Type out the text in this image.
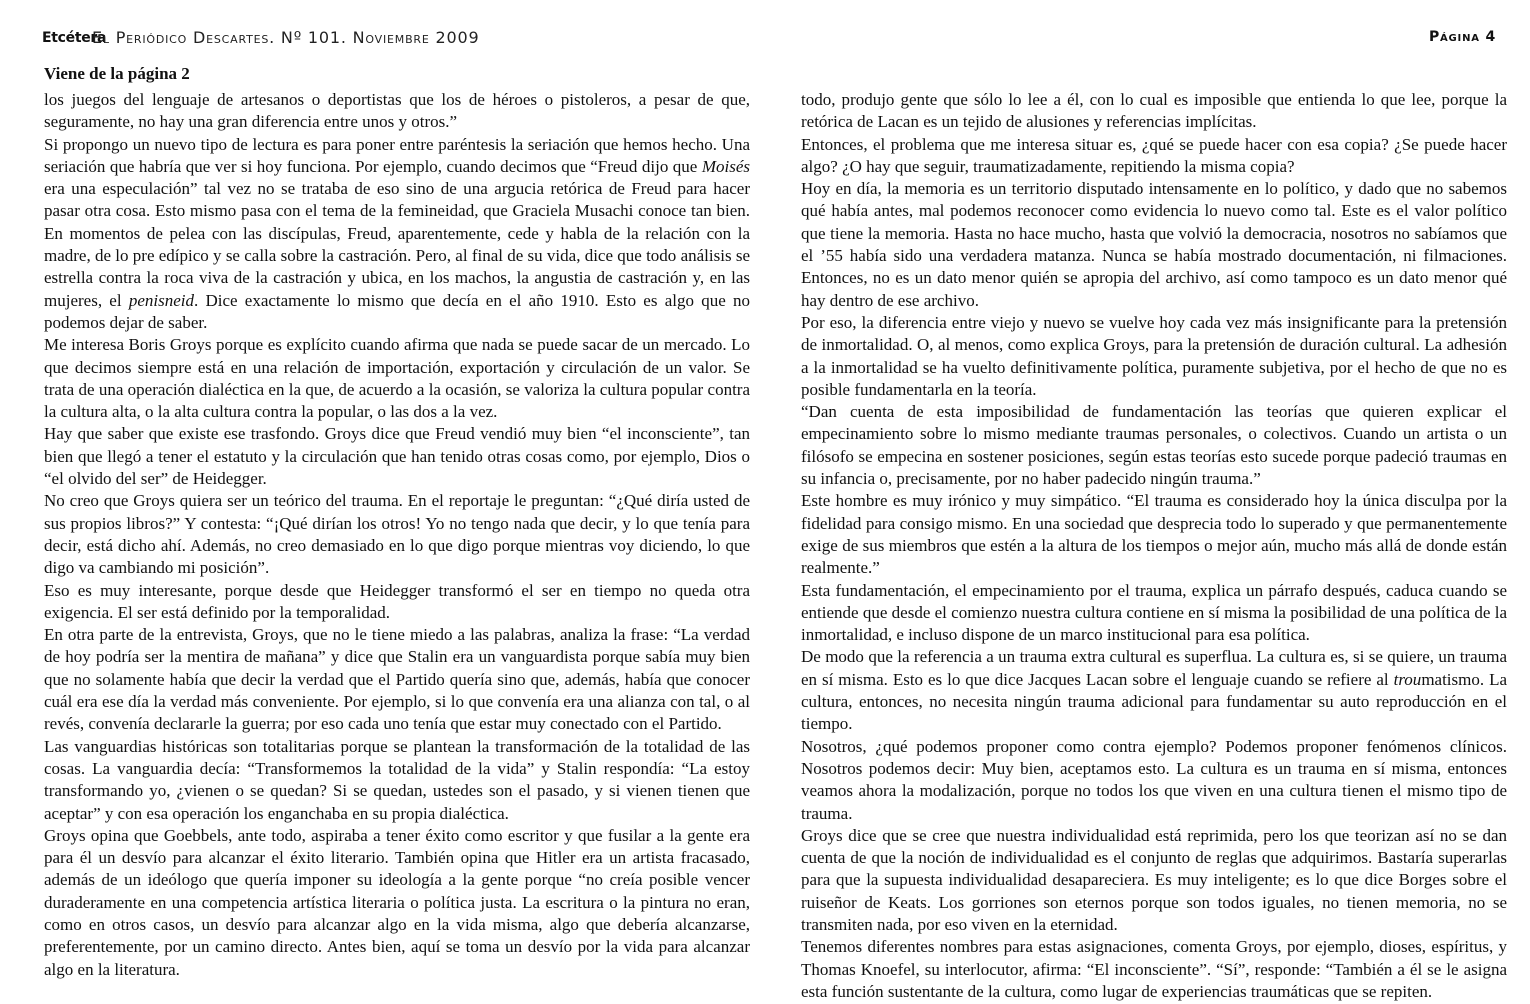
Etcétera
El Periódico Descartes. Nº 101. Noviembre 2009	Página 4
Viene de la página 2

los juegos del lenguaje de artesanos o deportistas que los de héroes o pistoleros, a pesar de que, seguramente, no hay una gran diferencia entre unos y otros.”

Si propongo un nuevo tipo de lectura es para poner entre paréntesis la seriación que hemos hecho. Una seriación que habría que ver si hoy funciona. Por ejemplo, cuando decimos que “Freud dijo que Moisés era una especulación” tal vez no se trataba de eso sino de una argucia retórica de Freud para hacer pasar otra cosa. Esto mismo pasa con el tema de la femineidad, que Graciela Musachi conoce tan bien. En momentos de pelea con las discípulas, Freud, aparentemente, cede y habla de la relación con la madre, de lo pre edípico y se calla sobre la castración. Pero, al final de su vida, dice que todo análisis se estrella contra la roca viva de la castración y ubica, en los machos, la angustia de castración y, en las mujeres, el penisneid. Dice exactamente lo mismo que decía en el año 1910. Esto es algo que no podemos dejar de saber.

Me interesa Boris Groys porque es explícito cuando afirma que nada se puede sacar de un mercado. Lo que decimos siempre está en una relación de importación, exportación y circulación de un valor. Se trata de una operación dialéctica en la que, de acuerdo a la ocasión, se valoriza la cultura popular contra la cultura alta, o la alta cultura contra la popular, o las dos a la vez.

Hay que saber que existe ese trasfondo. Groys dice que Freud vendió muy bien “el inconsciente”, tan bien que llegó a tener el estatuto y la circulación que han tenido otras cosas como, por ejemplo, Dios o “el olvido del ser” de Heidegger.

No creo que Groys quiera ser un teórico del trauma. En el reportaje le preguntan: “¿Qué diría usted de sus propios libros?” Y contesta: “¡Qué dirían los otros! Yo no tengo nada que decir, y lo que tenía para decir, está dicho ahí. Además, no creo demasiado en lo que digo porque mientras voy diciendo, lo que digo va cambiando mi posición”.

Eso es muy interesante, porque desde que Heidegger transformó el ser en tiempo no queda otra exigencia. El ser está definido por la temporalidad.

En otra parte de la entrevista, Groys, que no le tiene miedo a las palabras, analiza la frase: “La verdad de hoy podría ser la mentira de mañana” y dice que Stalin era un vanguardista porque sabía muy bien que no solamente había que decir la verdad que el Partido quería sino que, además, había que conocer cuál era ese día la verdad más conveniente. Por ejemplo, si lo que convenía era una alianza con tal, o al revés, convenía declararle la guerra; por eso cada uno tenía que estar muy conectado con el Partido.

Las vanguardias históricas son totalitarias porque se plantean la transformación de la totalidad de las cosas. La vanguardia decía: “Transformemos la totalidad de la vida” y Stalin respondía: “La estoy transformando yo, ¿vienen o se quedan? Si se quedan, ustedes son el pasado, y si vienen tienen que aceptar” y con esa operación los enganchaba en su propia dialéctica.

Groys opina que Goebbels, ante todo, aspiraba a tener éxito como escritor y que fusilar a la gente era para él un desvío para alcanzar el éxito literario. También opina que Hitler era un artista fracasado, además de un ideólogo que quería imponer su ideología a la gente porque “no creía posible vencer duraderamente en una competencia artística literaria o política justa. La escritura o la pintura no eran, como en otros casos, un desvío para alcanzar algo en la vida misma, algo que debería alcanzarse, preferentemente, por un camino directo. Antes bien, aquí se toma un desvío por la vida para alcanzar algo en la literatura.

todo, produjo gente que sólo lo lee a él, con lo cual es imposible que entienda lo que lee, porque la retórica de Lacan es un tejido de alusiones y referencias implícitas.

Entonces, el problema que me interesa situar es, ¿qué se puede hacer con esa copia? ¿Se puede hacer algo? ¿O hay que seguir, traumatizadamente, repitiendo la misma copia?

Hoy en día, la memoria es un territorio disputado intensamente en lo político, y dado que no sabemos qué había antes, mal podemos reconocer como evidencia lo nuevo como tal. Este es el valor político que tiene la memoria. Hasta no hace mucho, hasta que volvió la democracia, nosotros no sabíamos que el ’55 había sido una verdadera matanza. Nunca se había mostrado documentación, ni filmaciones. Entonces, no es un dato menor quién se apropia del archivo, así como tampoco es un dato menor qué hay dentro de ese archivo.

Por eso, la diferencia entre viejo y nuevo se vuelve hoy cada vez más insignificante para la pretensión de inmortalidad. O, al menos, como explica Groys, para la pretensión de duración cultural. La adhesión a la inmortalidad se ha vuelto definitivamente política, puramente subjetiva, por el hecho de que no es posible fundamentarla en la teoría.

“Dan cuenta de esta imposibilidad de fundamentación las teorías que quieren explicar el empecinamiento sobre lo mismo mediante traumas personales, o colectivos. Cuando un artista o un filósofo se empecina en sostener posiciones, según estas teorías esto sucede porque padeció traumas en su infancia o, precisamente, por no haber padecido ningún trauma.”

Este hombre es muy irónico y muy simpático. “El trauma es considerado hoy la única disculpa por la fidelidad para consigo mismo. En una sociedad que desprecia todo lo superado y que permanentemente exige de sus miembros que estén a la altura de los tiempos o mejor aún, mucho más allá de donde están realmente.”

Esta fundamentación, el empecinamiento por el trauma, explica un párrafo después, caduca cuando se entiende que desde el comienzo nuestra cultura contiene en sí misma la posibilidad de una política de la inmortalidad, e incluso dispone de un marco institucional para esa política.

De modo que la referencia a un trauma extra cultural es superflua. La cultura es, si se quiere, un trauma en sí misma. Esto es lo que dice Jacques Lacan sobre el lenguaje cuando se refiere al troumatismo. La cultura, entonces, no necesita ningún trauma adicional para fundamentar su auto reproducción en el tiempo.

Nosotros, ¿qué podemos proponer como contra ejemplo? Podemos proponer fenómenos clínicos. Nosotros podemos decir: Muy bien, aceptamos esto. La cultura es un trauma en sí misma, entonces veamos ahora la modalización, porque no todos los que viven en una cultura tienen el mismo tipo de trauma.

Groys dice que se cree que nuestra individualidad está reprimida, pero los que teorizan así no se dan cuenta de que la noción de individualidad es el conjunto de reglas que adquirimos. Bastaría superarlas para que la supuesta individualidad desapareciera. Es muy inteligente; es lo que dice Borges sobre el ruiseñor de Keats. Los gorriones son eternos porque son todos iguales, no tienen memoria, no se transmiten nada, por eso viven en la eternidad.

Tenemos diferentes nombres para estas asignaciones, comenta Groys, por ejemplo, dioses, espíritus, y Thomas Knoefel, su interlocutor, afirma: “El inconsciente”. “Sí”, responde: “También a él se le asigna esta función sustentante de la cultura, como lugar de experiencias traumáticas que se repiten.
